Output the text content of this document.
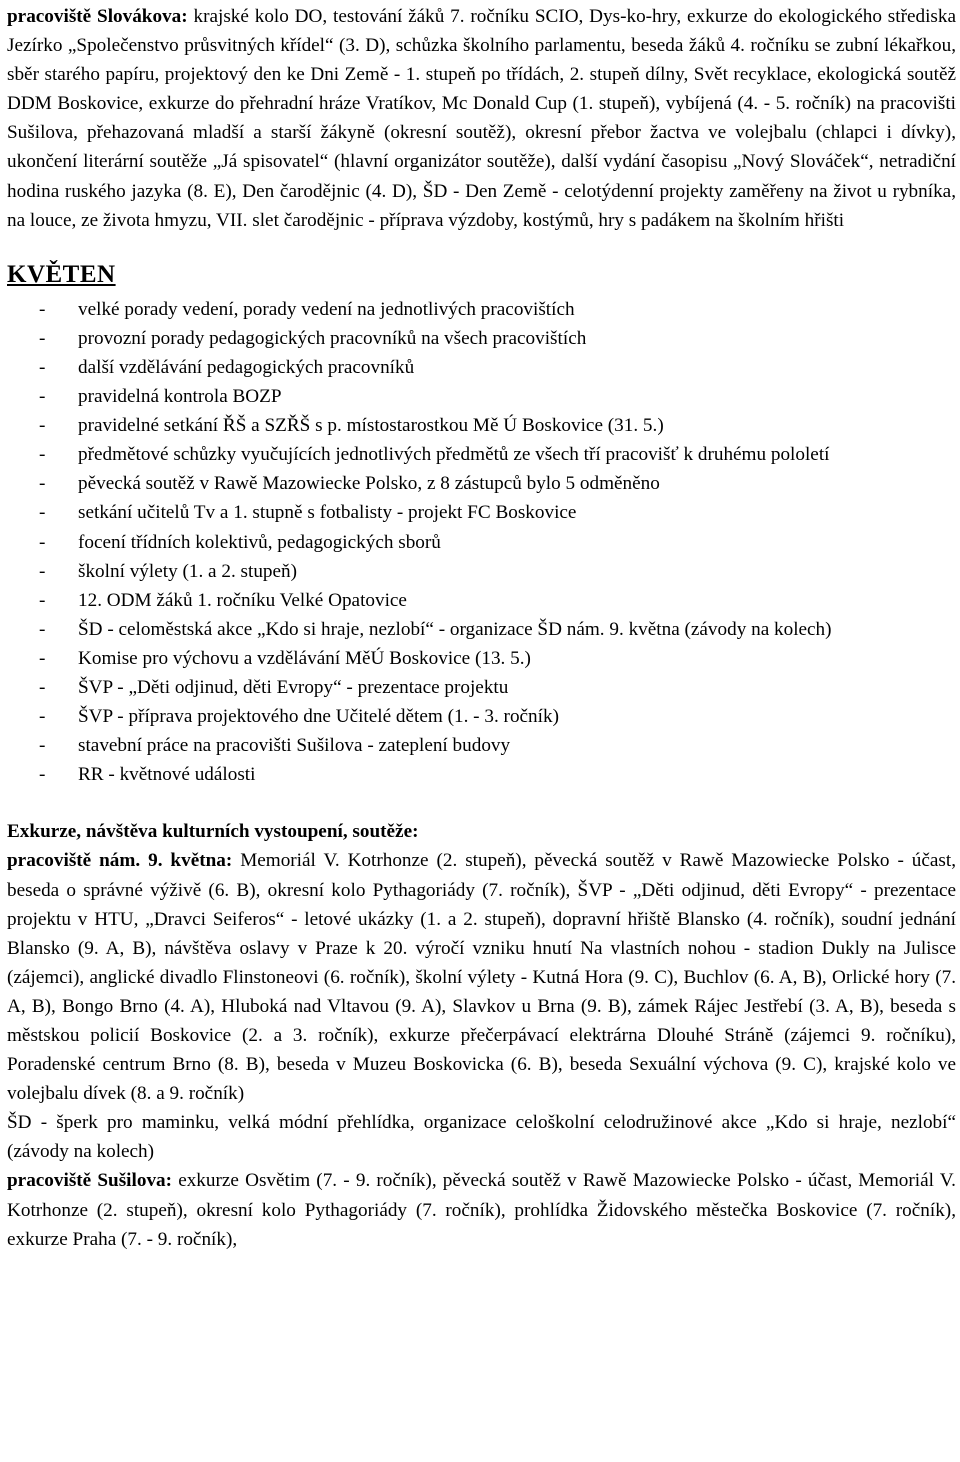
pracoviště Slovákova: krajské kolo DO, testování žáků 7. ročníku SCIO, Dys-ko-hry, exkurze do ekologického střediska Jezírko „Společenstvo průsvitných křídel“ (3. D), schůzka školního parlamentu, beseda žáků 4. ročníku se zubní lékařkou, sběr starého papíru, projektový den ke Dni Země - 1. stupeň po třídách, 2. stupeň dílny, Svět recyklace, ekologická soutěž DDM Boskovice, exkurze do přehradní hráze Vratíkov, Mc Donald Cup (1. stupeň), vybíjená (4. - 5. ročník) na pracovišti Sušilova, přehazovaná mladší a starší žákyně (okresní soutěž), okresní přebor žactva ve volejbalu (chlapci i dívky), ukončení literární soutěže „Já spisovatel“ (hlavní organizátor soutěže), další vydání časopisu „Nový Slováček“, netradiční hodina ruského jazyka (8. E), Den čarodějnic (4. D), ŠD - Den Země - celotýdenní projekty zaměřeny na život u rybníka, na louce, ze života hmyzu, VII. slet čarodějnic - příprava výzdoby, kostýmů, hry s padákem na školním hřišti

KVĚTEN
- velké porady vedení, porady vedení na jednotlivých pracovištích
- provozní porady pedagogických pracovníků na všech pracovištích
- další vzdělávání pedagogických pracovníků
- pravidelná kontrola BOZP
- pravidelné setkání ŘŠ a SZŘŠ s p. místostarostkou Mě Ú Boskovice (31. 5.)
- předmětové schůzky vyučujících jednotlivých předmětů ze všech tří pracovišť k druhému pololetí
- pěvecká soutěž v Rawě Mazowiecke Polsko, z 8 zástupců bylo 5 odměněno
- setkání učitelů Tv a 1. stupně s fotbalisty - projekt FC Boskovice
- focení třídních kolektivů, pedagogických sborů
- školní výlety (1. a 2. stupeň)
- 12. ODM žáků 1. ročníku Velké Opatovice
- ŠD - celoměstská akce „Kdo si hraje, nezlobí“ - organizace ŠD nám. 9. května (závody na kolech)
- Komise pro výchovu a vzdělávání MěÚ Boskovice (13. 5.)
- ŠVP - „Děti odjinud, děti Evropy“ - prezentace projektu
- ŠVP - příprava projektového dne Učitelé dětem (1. - 3. ročník)
- stavební práce na pracovišti Sušilova - zateplení budovy
- RR - květnové události

Exkurze, návštěva kulturních vystoupení, soutěže:

pracoviště nám. 9. května: Memoriál V. Kotrhonze (2. stupeň), pěvecká soutěž v Rawě Mazowiecke Polsko - účast, beseda o správné výživě (6. B), okresní kolo Pythagoriády (7. ročník), ŠVP - „Děti odjinud, děti Evropy“ - prezentace projektu v HTU, „Dravci Seiferos“ - letové ukázky (1. a 2. stupeň), dopravní hřiště Blansko (4. ročník), soudní jednání Blansko (9. A, B), návštěva oslavy v Praze k 20. výročí vzniku hnutí Na vlastních nohou - stadion Dukly na Julisce (zájemci), anglické divadlo Flinstoneovi (6. ročník), školní výlety - Kutná Hora (9. C), Buchlov (6. A, B), Orlické hory (7. A, B), Bongo Brno (4. A), Hluboká nad Vltavou (9. A), Slavkov u Brna (9. B), zámek Rájec Jestřebí (3. A, B), beseda s městskou policií Boskovice (2. a 3. ročník), exkurze přečerpávací elektrárna Dlouhé Stráně (zájemci 9. ročníku), Poradenské centrum Brno (8. B), beseda v Muzeu Boskovicka (6. B), beseda Sexuální výchova (9. C), krajské kolo ve volejbalu dívek (8. a 9. ročník)

ŠD - šperk pro maminku, velká módní přehlídka, organizace celoškolní celodružinové akce „Kdo si hraje, nezlobí“ (závody na kolech)

pracoviště Sušilova: exkurze Osvětim (7. - 9. ročník), pěvecká soutěž v Rawě Mazowiecke Polsko - účast, Memoriál V. Kotrhonze (2. stupeň), okresní kolo Pythagoriády (7. ročník), prohlídka Židovského městečka Boskovice (7. ročník), exkurze Praha (7. - 9. ročník),
